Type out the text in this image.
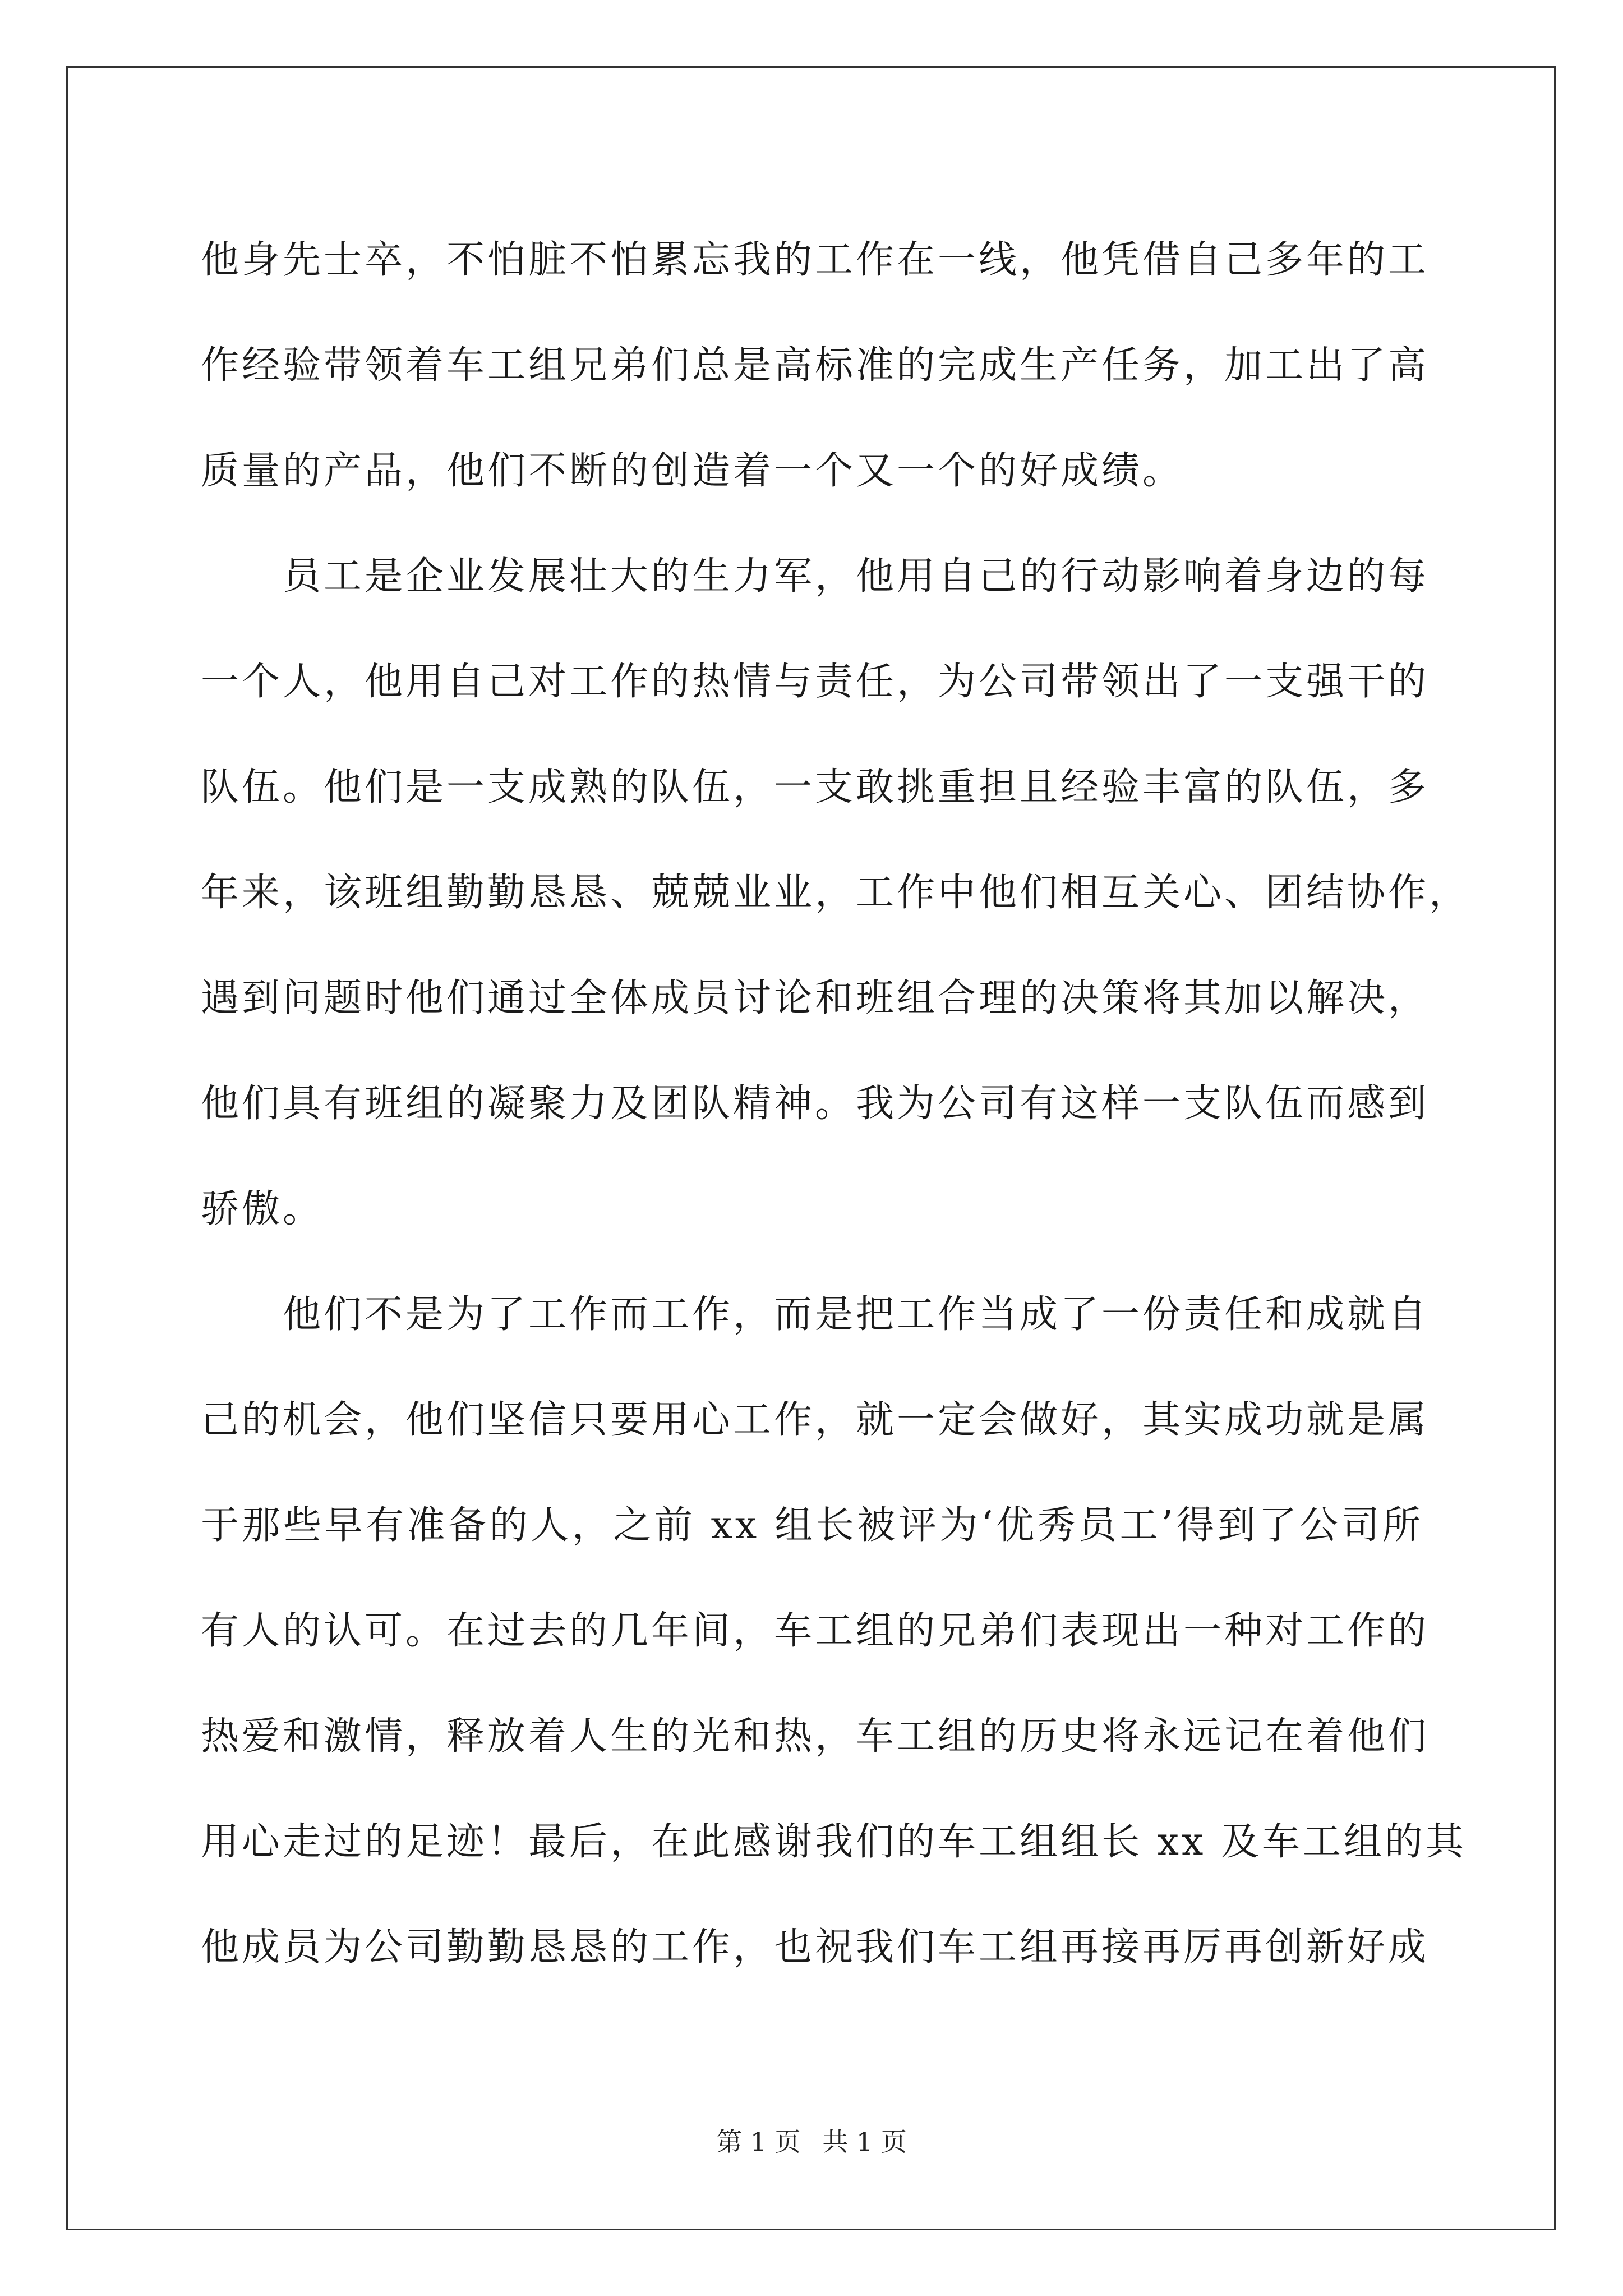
他身先士卒，不怕脏不怕累忘我的工作在一线，他凭借自己多年的工
作经验带领着车工组兄弟们总是高标准的完成生产任务，加工出了高
质量的产品，他们不断的创造着一个又一个的好成绩。
员工是企业发展壮大的生力军，他用自己的行动影响着身边的每
一个人，他用自己对工作的热情与责任，为公司带领出了一支强干的
队伍。他们是一支成熟的队伍，一支敢挑重担且经验丰富的队伍，多
年来，该班组勤勤恳恳、兢兢业业，工作中他们相互关心、团结协作，
遇到问题时他们通过全体成员讨论和班组合理的决策将其加以解决，
他们具有班组的凝聚力及团队精神。我为公司有这样一支队伍而感到
骄傲。
他们不是为了工作而工作，而是把工作当成了一份责任和成就自
己的机会，他们坚信只要用心工作，就一定会做好，其实成功就是属
于那些早有准备的人，之前 xx 组长被评为‘优秀员工’得到了公司所
有人的认可。在过去的几年间，车工组的兄弟们表现出一种对工作的
热爱和激情，释放着人生的光和热，车工组的历史将永远记在着他们
用心走过的足迹！最后，在此感谢我们的车工组组长 xx 及车工组的其
他成员为公司勤勤恳恳的工作，也祝我们车工组再接再厉再创新好成
第 1 页 共 1 页
